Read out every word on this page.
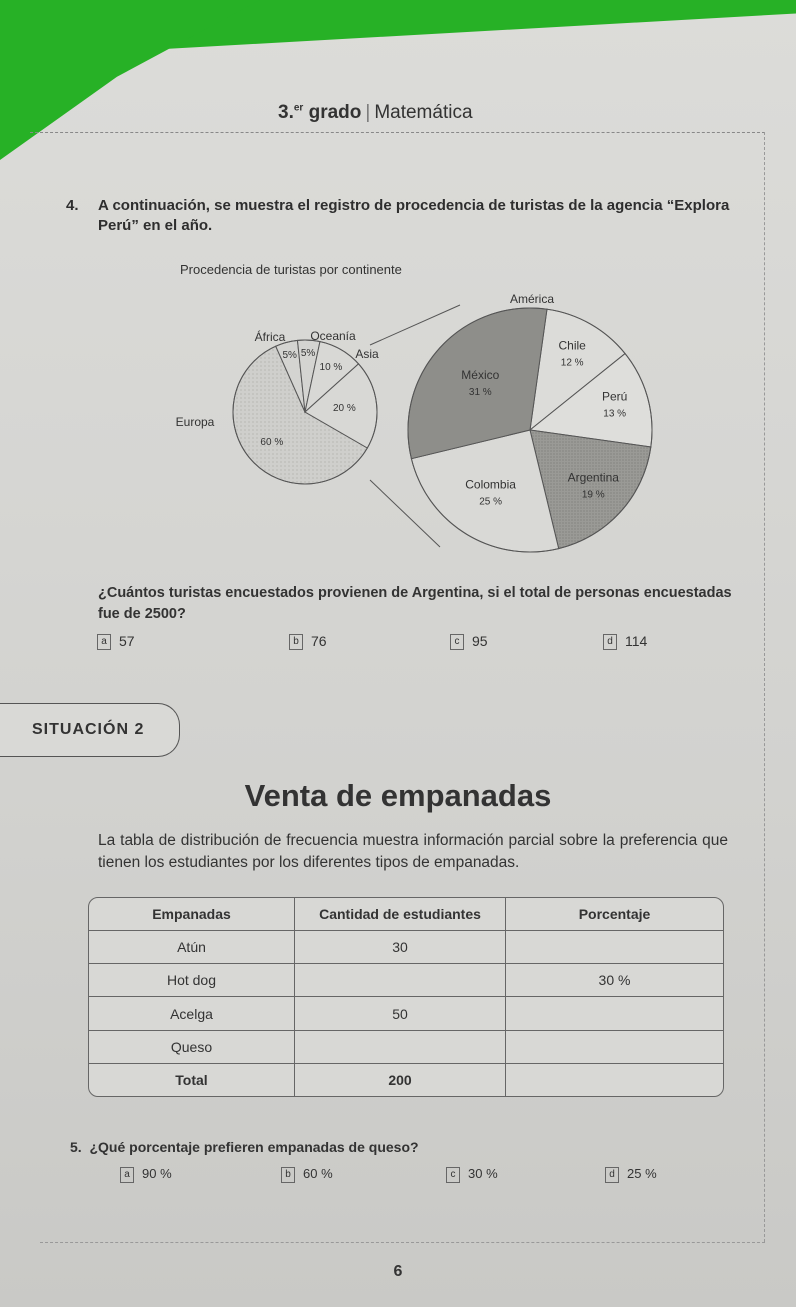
3.$^{er}$ grado | Matemática
4. A continuación, se muestra el registro de procedencia de turistas de la agencia “Explora Perú” en el año.
Procedencia de turistas por continente
60 %
5% 5%
10 %
20 %
Chile
12 %
Perú
13 %
Argentina
19 %
Colombia
25 %
México
31 %
Europa
África Oceanía
Asia
América
¿Cuántos turistas encuestados provienen de Argentina, si el total de personas encuestadas fue de 2500?
a 57	b 76	c 95	d 114
SITUACIÓN 2
Venta de empanadas
La tabla de distribución de frecuencia muestra información parcial sobre la preferencia que tienen los estudiantes por los diferentes tipos de empanadas.
Empanadas	Cantidad de estudiantes	Porcentaje
Atún	30	
Hot dog		30 %
Acelga	50	
Queso		
Total	200	
5. ¿Qué porcentaje prefieren empanadas de queso?
a 90 %	b 60 %	c 30 %	d 25 %
6
